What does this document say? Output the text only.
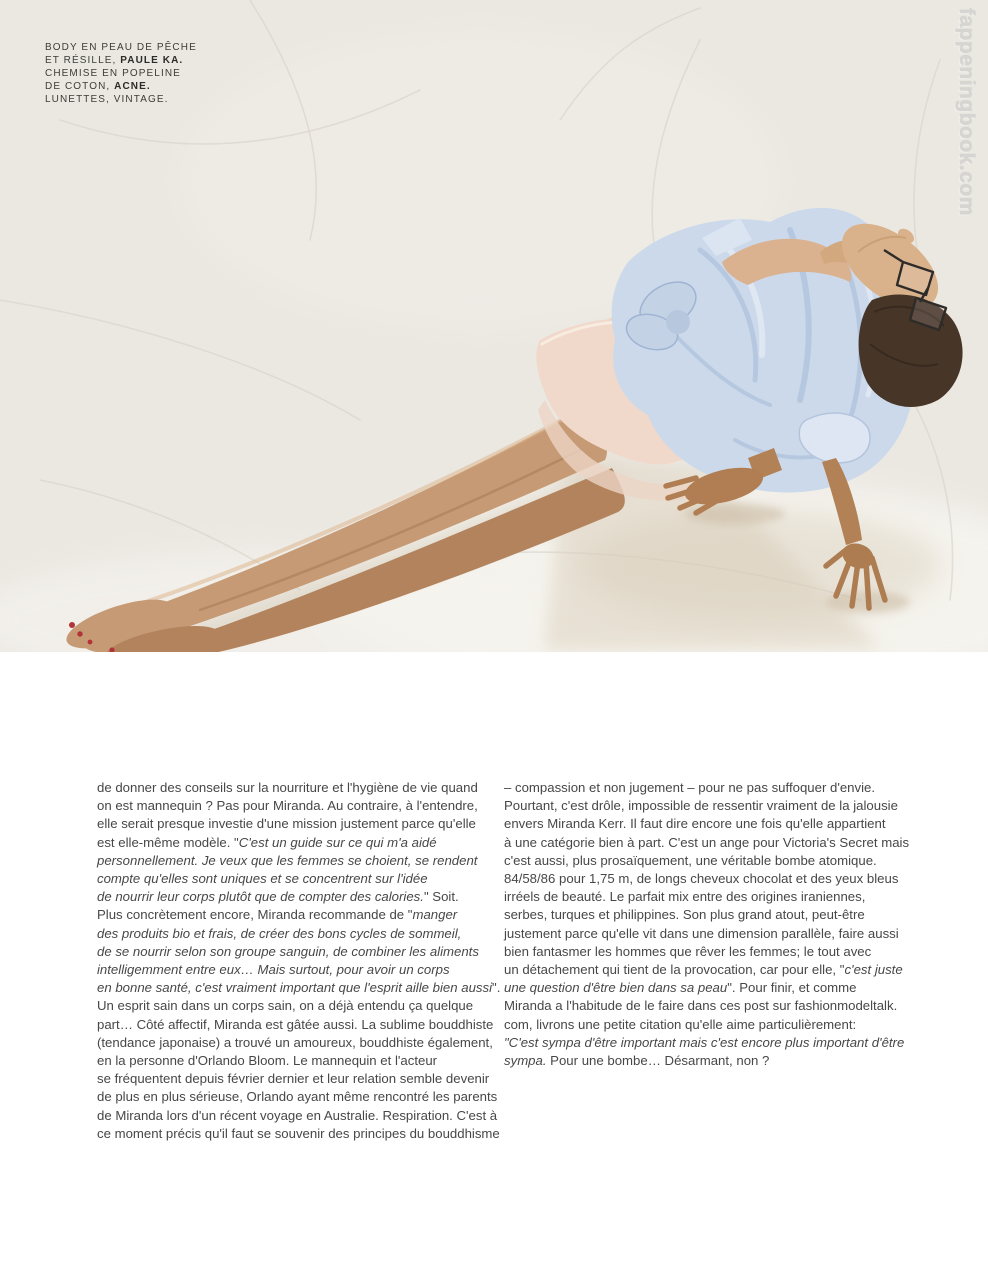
BODY EN PEAU DE PÊCHE
ET RÉSILLE, PAULE KA.
CHEMISE EN POPELINE
DE COTON, ACNE.
LUNETTES, VINTAGE.	fappeningbook.com
de donner des conseils sur la nourriture et l'hygiène de vie quand
on est mannequin ? Pas pour Miranda. Au contraire, à l'entendre,
elle serait presque investie d'une mission justement parce qu'elle
est elle-même modèle. "C'est un guide sur ce qui m'a aidé
personnellement. Je veux que les femmes se choient, se rendent
compte qu'elles sont uniques et se concentrent sur l'idée
de nourrir leur corps plutôt que de compter des calories." Soit.
Plus concrètement encore, Miranda recommande de "manger
des produits bio et frais, de créer des bons cycles de sommeil,
de se nourrir selon son groupe sanguin, de combiner les aliments
intelligemment entre eux… Mais surtout, pour avoir un corps
en bonne santé, c'est vraiment important que l'esprit aille bien aussi".
Un esprit sain dans un corps sain, on a déjà entendu ça quelque
part… Côté affectif, Miranda est gâtée aussi. La sublime bouddhiste
(tendance japonaise) a trouvé un amoureux, bouddhiste également,
en la personne d'Orlando Bloom. Le mannequin et l'acteur
se fréquentent depuis février dernier et leur relation semble devenir
de plus en plus sérieuse, Orlando ayant même rencontré les parents
de Miranda lors d'un récent voyage en Australie. Respiration. C'est à
ce moment précis qu'il faut se souvenir des principes du bouddhisme
– compassion et non jugement – pour ne pas suffoquer d'envie.
Pourtant, c'est drôle, impossible de ressentir vraiment de la jalousie
envers Miranda Kerr. Il faut dire encore une fois qu'elle appartient
à une catégorie bien à part. C'est un ange pour Victoria's Secret mais
c'est aussi, plus prosaïquement, une véritable bombe atomique.
84/58/86 pour 1,75 m, de longs cheveux chocolat et des yeux bleus
irréels de beauté. Le parfait mix entre des origines iraniennes,
serbes, turques et philippines. Son plus grand atout, peut-être
justement parce qu'elle vit dans une dimension parallèle, faire aussi
bien fantasmer les hommes que rêver les femmes; le tout avec
un détachement qui tient de la provocation, car pour elle, "c'est juste
une question d'être bien dans sa peau". Pour finir, et comme
Miranda a l'habitude de le faire dans ces post sur fashionmodeltalk.
com, livrons une petite citation qu'elle aime particulièrement:
"C'est sympa d'être important mais c'est encore plus important d'être
sympa. Pour une bombe… Désarmant, non ?
